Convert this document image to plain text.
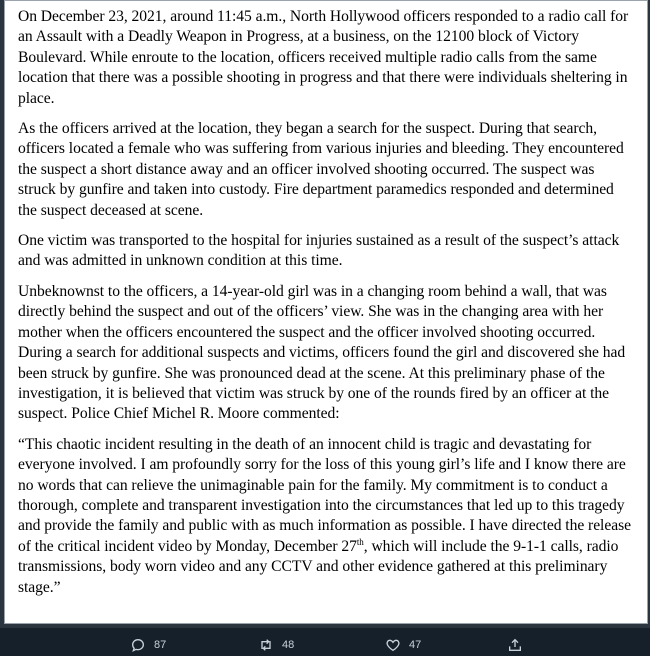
On December 23, 2021, around 11:45 a.m., North Hollywood officers responded to a radio call for an Assault with a Deadly Weapon in Progress, at a business, on the 12100 block of Victory Boulevard. While enroute to the location, officers received multiple radio calls from the same location that there was a possible shooting in progress and that there were individuals sheltering in place.

As the officers arrived at the location, they began a search for the suspect. During that search, officers located a female who was suffering from various injuries and bleeding. They encountered the suspect a short distance away and an officer involved shooting occurred. The suspect was struck by gunfire and taken into custody. Fire department paramedics responded and determined the suspect deceased at scene.

One victim was transported to the hospital for injuries sustained as a result of the suspect’s attack and was admitted in unknown condition at this time.

Unbeknownst to the officers, a 14-year-old girl was in a changing room behind a wall, that was directly behind the suspect and out of the officers’ view. She was in the changing area with her mother when the officers encountered the suspect and the officer involved shooting occurred. During a search for additional suspects and victims, officers found the girl and discovered she had been struck by gunfire. She was pronounced dead at the scene. At this preliminary phase of the investigation, it is believed that victim was struck by one of the rounds fired by an officer at the suspect. Police Chief Michel R. Moore commented:

“This chaotic incident resulting in the death of an innocent child is tragic and devastating for everyone involved. I am profoundly sorry for the loss of this young girl’s life and I know there are no words that can relieve the unimaginable pain for the family. My commitment is to conduct a thorough, complete and transparent investigation into the circumstances that led up to this tragedy and provide the family and public with as much information as possible. I have directed the release of the critical incident video by Monday, December 27th, which will include the 9-1-1 calls, radio transmissions, body worn video and any CCTV and other evidence gathered at this preliminary stage.”

87	48	47
